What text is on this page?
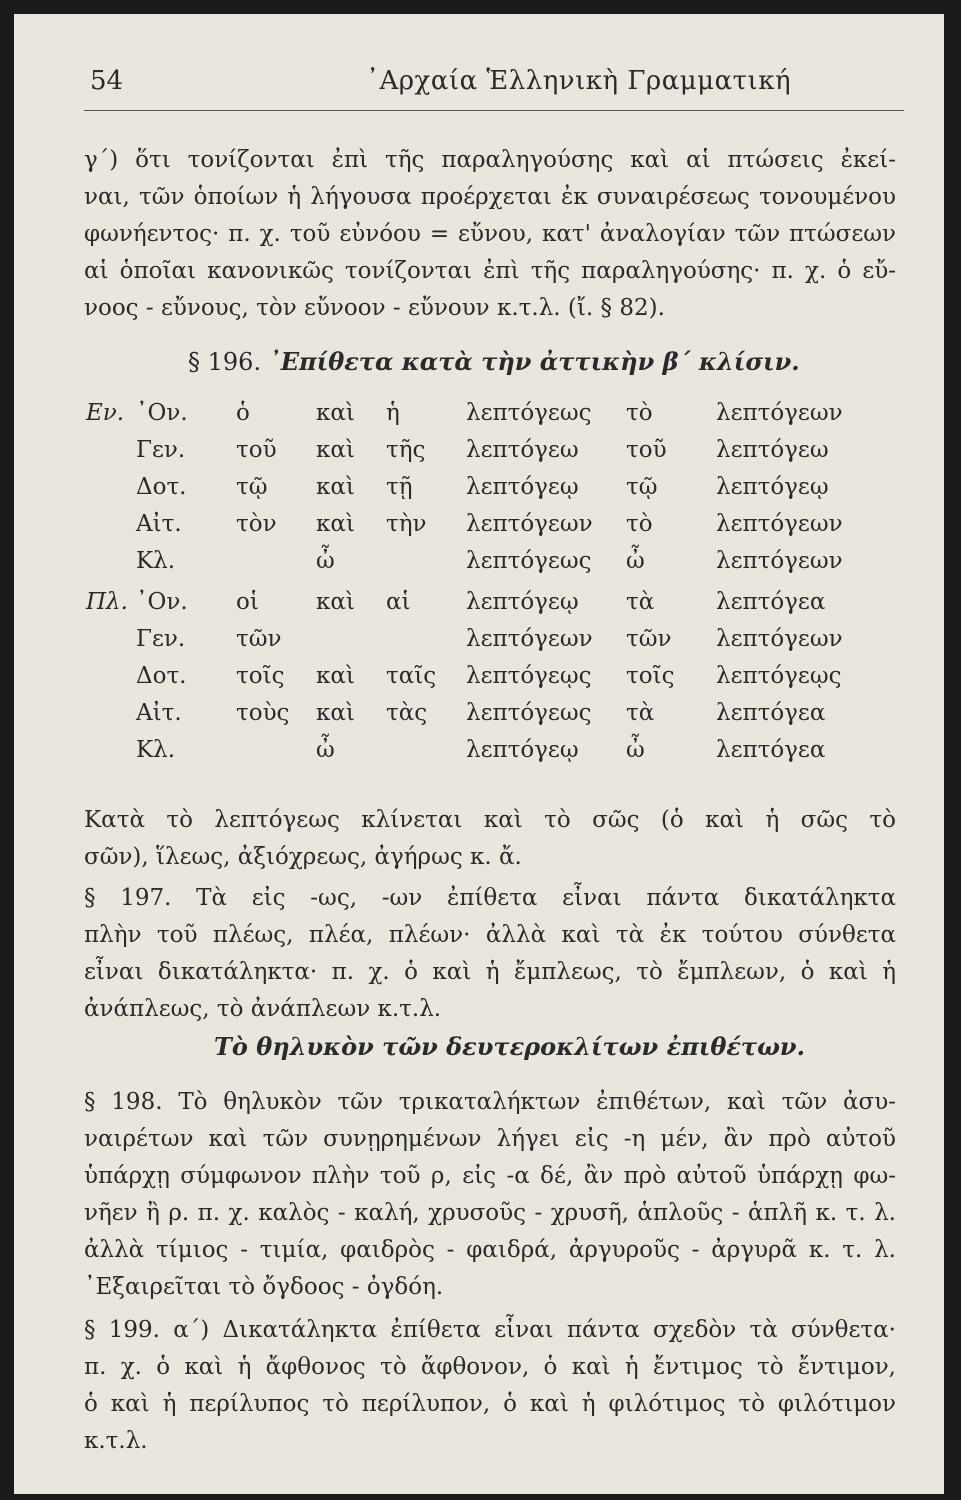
54	᾿Αρχαία Ἑλληνικὴ Γραμματική
γ´) ὅτι τονίζονται ἐπὶ τῆς παραληγούσης καὶ αἱ πτώσεις ἐκεί-
ναι, τῶν ὁποίων ἡ λήγουσα προέρχεται ἐκ συναιρέσεως τονουμένου
φωνήεντος· π. χ. τοῦ εὐνόου = εὔνου, κατ' ἀναλογίαν τῶν πτώσεων
αἱ ὁποῖαι κανονικῶς τονίζονται ἐπὶ τῆς παραληγούσης· π. χ. ὁ εὔ-
νοος - εὔνους, τὸν εὔνοον - εὔνουν κ.τ.λ. (ἴ. § 82).
§ 196. ᾿Επίθετα κατὰ τὴν ἀττικὴν β´ κλίσιν.
Εν.	᾿Ον.	ὁ	καὶ	ἡ	λεπτόγεως	τὸ	λεπτόγεων
	Γεν.	τοῦ	καὶ	τῆς	λεπτόγεω	τοῦ	λεπτόγεω
	Δοτ.	τῷ	καὶ	τῇ	λεπτόγεῳ	τῷ	λεπτόγεῳ
	Αἰτ.	τὸν	καὶ	τὴν	λεπτόγεων	τὸ	λεπτόγεων
	Κλ.		ὦ		λεπτόγεως	ὦ	λεπτόγεων
Πλ.	᾿Ον.	οἱ	καὶ	αἱ	λεπτόγεῳ	τὰ	λεπτόγεα
	Γεν.	τῶν			λεπτόγεων	τῶν	λεπτόγεων
	Δοτ.	τοῖς	καὶ	ταῖς	λεπτόγεῳς	τοῖς	λεπτόγεῳς
	Αἰτ.	τοὺς	καὶ	τὰς	λεπτόγεως	τὰ	λεπτόγεα
	Κλ.		ὦ		λεπτόγεῳ	ὦ	λεπτόγεα
Κατὰ τὸ λεπτόγεως κλίνεται καὶ τὸ σῶς (ὁ καὶ ἡ σῶς τὸ
σῶν), ἵλεως, ἀξιόχρεως, ἀγήρως κ. ἄ.
§ 197. Τὰ εἰς -ως, -ων ἐπίθετα εἶναι πάντα δικατάληκτα
πλὴν τοῦ πλέως, πλέα, πλέων· ἀλλὰ καὶ τὰ ἐκ τούτου σύνθετα
εἶναι δικατάληκτα· π. χ. ὁ καὶ ἡ ἔμπλεως, τὸ ἔμπλεων, ὁ καὶ ἡ
ἀνάπλεως, τὸ ἀνάπλεων κ.τ.λ.
Τὸ θηλυκὸν τῶν δευτεροκλίτων ἐπιθέτων.
§ 198. Τὸ θηλυκὸν τῶν τρικαταλήκτων ἐπιθέτων, καὶ τῶν ἀσυ-
ναιρέτων καὶ τῶν συνῃρημένων λήγει εἰς -η μέν, ἂν πρὸ αὐτοῦ
ὑπάρχῃ σύμφωνον πλὴν τοῦ ρ, εἰς -α δέ, ἂν πρὸ αὐτοῦ ὑπάρχῃ φω-
νῆεν ἢ ρ. π. χ. καλὸς - καλή, χρυσοῦς - χρυσῆ, ἁπλοῦς - ἁπλῆ κ. τ. λ.
ἀλλὰ τίμιος - τιμία, φαιδρὸς - φαιδρά, ἀργυροῦς - ἀργυρᾶ κ. τ. λ.
᾿Εξαιρεῖται τὸ ὄγδοος - ὀγδόη.
§ 199. α´) Δικατάληκτα ἐπίθετα εἶναι πάντα σχεδὸν τὰ σύνθετα·
π. χ. ὁ καὶ ἡ ἄφθονος τὸ ἄφθονον, ὁ καὶ ἡ ἔντιμος τὸ ἔντιμον,
ὁ καὶ ἡ περίλυπος τὸ περίλυπον, ὁ καὶ ἡ φιλότιμος τὸ φιλότιμον κ.τ.λ.
